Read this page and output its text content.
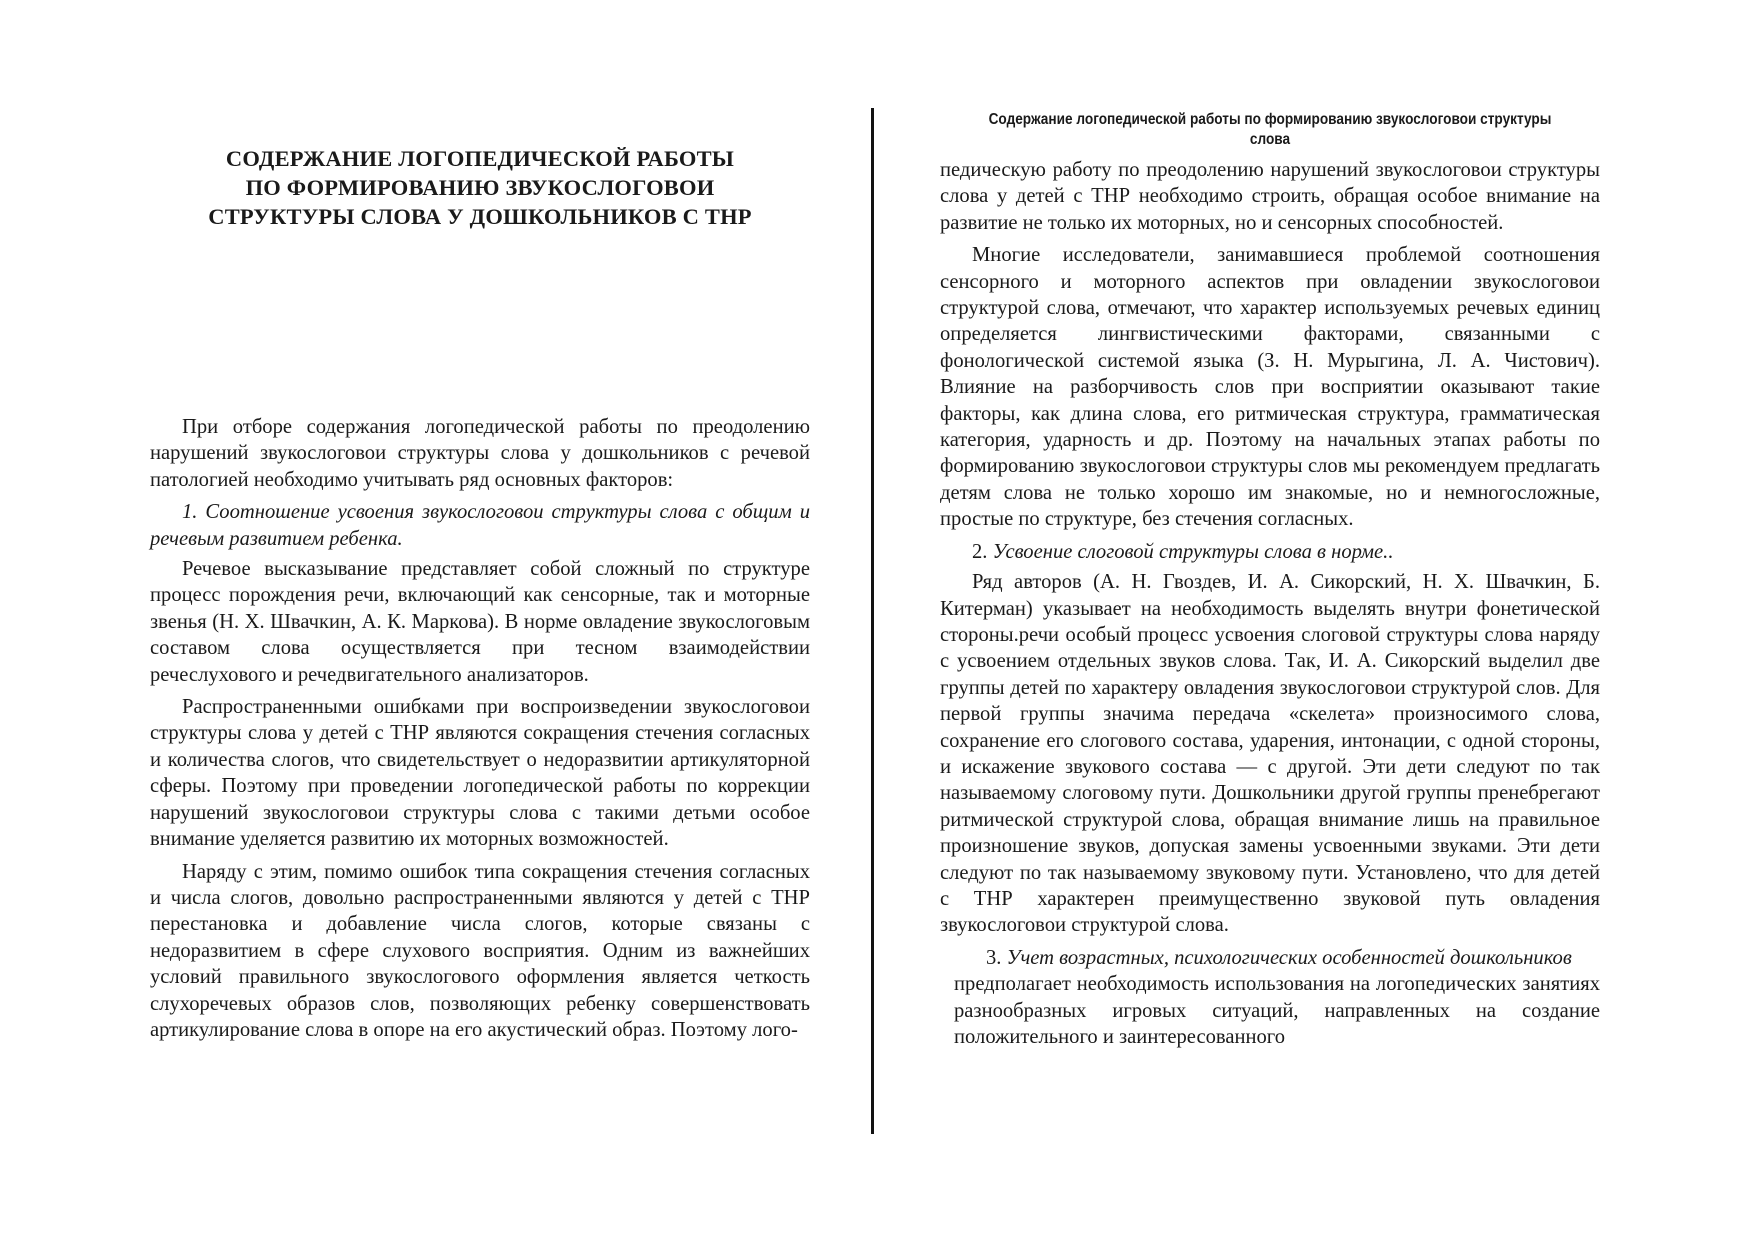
СОДЕРЖАНИЕ ЛОГОПЕДИЧЕСКОЙ РАБОТЫ
ПО ФОРМИРОВАНИЮ ЗВУКОСЛОГОВОИ
СТРУКТУРЫ СЛОВА У ДОШКОЛЬНИКОВ С ТНР

При отборе содержания логопедической работы по преодолению нарушений звукослоговои структуры слова у дошкольников с речевой патологией необходимо учитывать ряд основных факторов:

1. Соотношение усвоения звукослоговои структуры слова с общим и речевым развитием ребенка.

Речевое высказывание представляет собой сложный по структуре процесс порождения речи, включающий как сенсорные, так и моторные звенья (Н. Х. Швачкин, А. К. Маркова). В норме овладение звукослоговым составом слова осуществляется при тесном взаимодействии речеслухового и речедвигательного анализаторов.

Распространенными ошибками при воспроизведении звукослоговои структуры слова у детей с ТНР являются сокращения стечения согласных и количества слогов, что свидетельствует о недоразвитии артикуляторной сферы. Поэтому при проведении логопедической работы по коррекции нарушений звукослоговои структуры слова с такими детьми особое внимание уделяется развитию их моторных возможностей.

Наряду с этим, помимо ошибок типа сокращения стечения согласных и числа слогов, довольно распространенными являются у детей с ТНР перестановка и добавление числа слогов, которые связаны с недоразвитием в сфере слухового восприятия. Одним из важнейших условий правильного звукослогового оформления является четкость слухоречевых образов слов, позволяющих ребенку совершенствовать артикулирование слова в опоре на его акустический образ. Поэтому лого-

Содержание логопедической работы по формированию звукослоговои структуры слова

педическую работу по преодолению нарушений звукослоговои структуры слова у детей с ТНР необходимо строить, обращая особое внимание на развитие не только их моторных, но и сенсорных способностей.

Многие исследователи, занимавшиеся проблемой соотношения сенсорного и моторного аспектов при овладении звукослоговои структурой слова, отмечают, что характер используемых речевых единиц определяется лингвистическими факторами, связанными с фонологической системой языка (З. Н. Мурыгина, Л. А. Чистович). Влияние на разборчивость слов при восприятии оказывают такие факторы, как длина слова, его ритмическая структура, грамматическая категория, ударность и др. Поэтому на начальных этапах работы по формированию звукослоговои структуры слов мы рекомендуем предлагать детям слова не только хорошо им знакомые, но и немногосложные, простые по структуре, без стечения согласных.

2. Усвоение слоговой структуры слова в норме..

Ряд авторов (А. Н. Гвоздев, И. А. Сикорский, Н. Х. Швачкин, Б. Китерман) указывает на необходимость выделять внутри фонетической стороны.речи особый процесс усвоения слоговой структуры слова наряду с усвоением отдельных звуков слова. Так, И. А. Сикорский выделил две группы детей по характеру овладения звукослоговои структурой слов. Для первой группы значима передача «скелета» произносимого слова, сохранение его слогового состава, ударения, интонации, с одной стороны, и искажение звукового состава — с другой. Эти дети следуют по так называемому слоговому пути. Дошкольники другой группы пренебрегают ритмической структурой слова, обращая внимание лишь на правильное произношение звуков, допуская замены усвоенными звуками. Эти дети следуют по так называемому звуковому пути. Установлено, что для детей с ТНР характерен преимущественно звуковой путь овладения звукослоговои структурой слова.

3. Учет возрастных, психологических особенностей дошкольников

предполагает необходимость использования на логопедических занятиях разнообразных игровых ситуаций, направленных на создание положительного и заинтересованного
